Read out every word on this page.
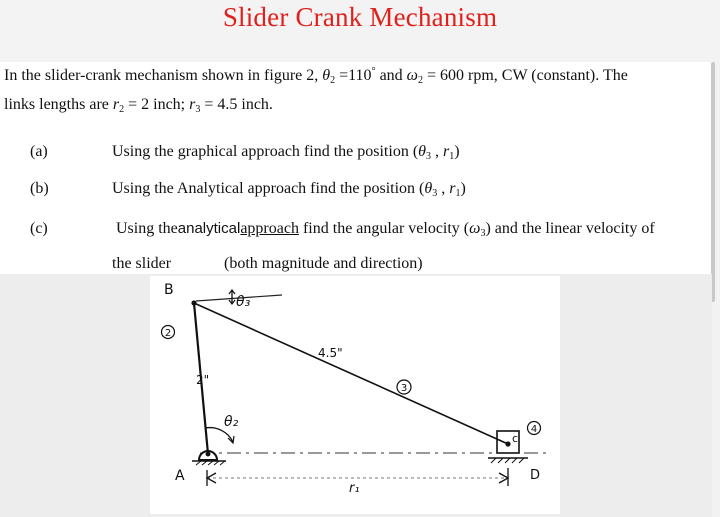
Slider Crank Mechanism
In the slider-crank mechanism shown in figure 2, $\theta_2 =110^\circ$ and $\omega_2 = 600$ rpm, CW (constant). The
links lengths are $r_2 = 2$ inch; $r_3 = 4.5$ inch.
(a)	Using the graphical approach find the position ($\theta_3$ , $r_1$)
(b)	Using the Analytical approach find the position ($\theta_3$ , $r_1$)
(c)	Using theanalyticalapproach find the angular velocity $(\omega_3)$ and the linear velocity of
the slider	(both magnitude and direction)
2
3
4
B
A
c
D
θ₃
θ₂
2"
4.5"
r₁
